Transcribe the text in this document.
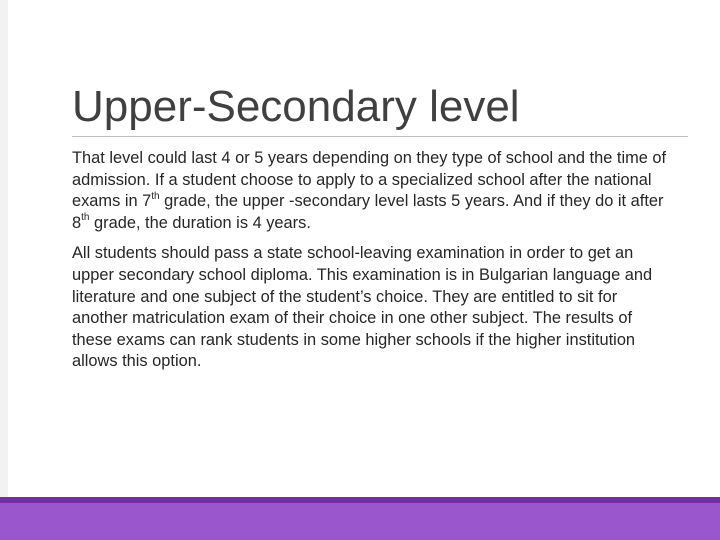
Upper-Secondary level

That level could last 4 or 5 years depending on they type of school and the time of admission. If a student choose to apply to a specialized school after the national exams in 7th grade, the upper -secondary level lasts 5 years. And if they do it after 8th grade, the duration is 4 years.

All students should pass a state school-leaving examination in order to get an upper secondary school diploma. This examination is in Bulgarian language and literature and one subject of the student’s choice. They are entitled to sit for another matriculation exam of their choice in one other subject. The results of these exams can rank students in some higher schools if the higher institution allows this option.
